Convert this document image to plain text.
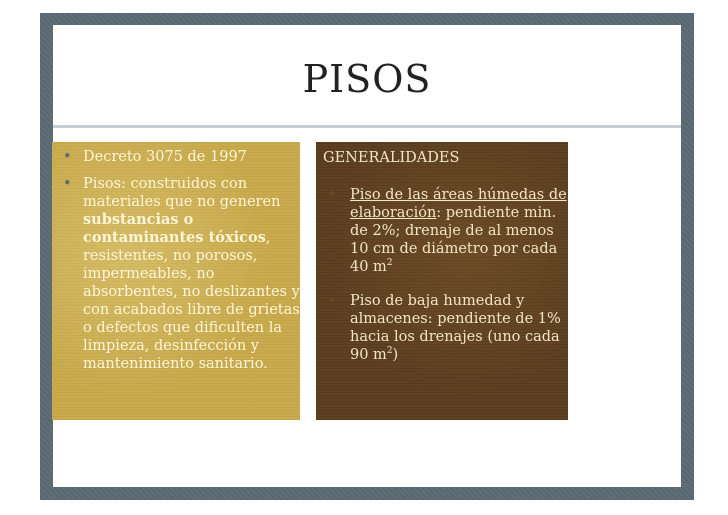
PISOS
• Decreto 3075 de 1997
• Pisos: construidos con materiales que no generen substancias o contaminantes tóxicos, resistentes, no porosos, impermeables, no absorbentes, no deslizantes y con acabados libre de grietas o defectos que dificulten la limpieza, desinfección y mantenimiento sanitario.
GENERALIDADES
• Piso de las áreas húmedas de elaboración: pendiente min. de 2%; drenaje de al menos 10 cm de diámetro por cada 40 $m^2$
• Piso de baja humedad y almacenes: pendiente de 1% hacia los drenajes (uno cada 90 $m^2$)
